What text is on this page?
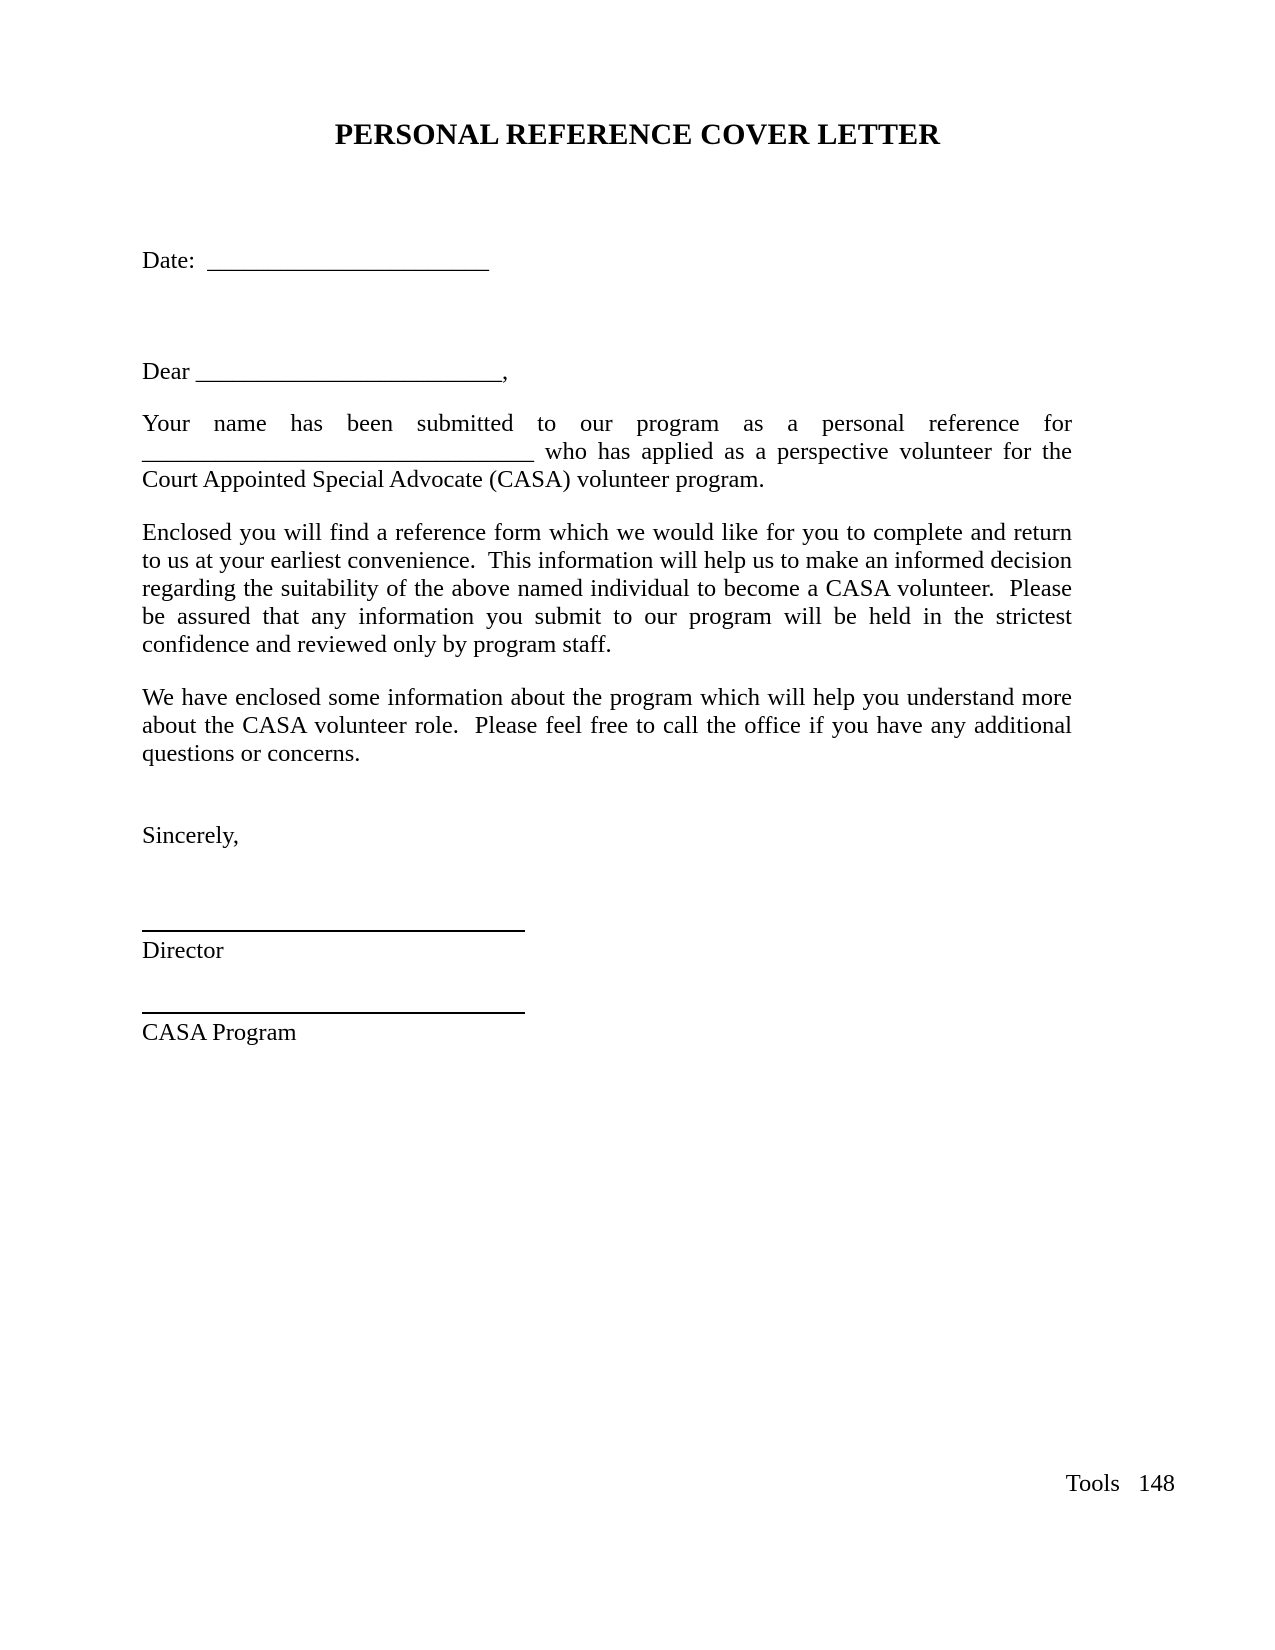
PERSONAL REFERENCE COVER LETTER
Date:  _______________________
Dear _________________________,
Your name has been submitted to our program as a personal reference for ________________________________ who has applied as a perspective volunteer for the Court Appointed Special Advocate (CASA) volunteer program.
Enclosed you will find a reference form which we would like for you to complete and return to us at your earliest convenience.  This information will help us to make an informed decision regarding the suitability of the above named individual to become a CASA volunteer.  Please be assured that any information you submit to our program will be held in the strictest confidence and reviewed only by program staff.
We have enclosed some information about the program which will help you understand more about the CASA volunteer role.  Please feel free to call the office if you have any additional questions or concerns.
Sincerely,
Director
CASA Program
Tools   148
